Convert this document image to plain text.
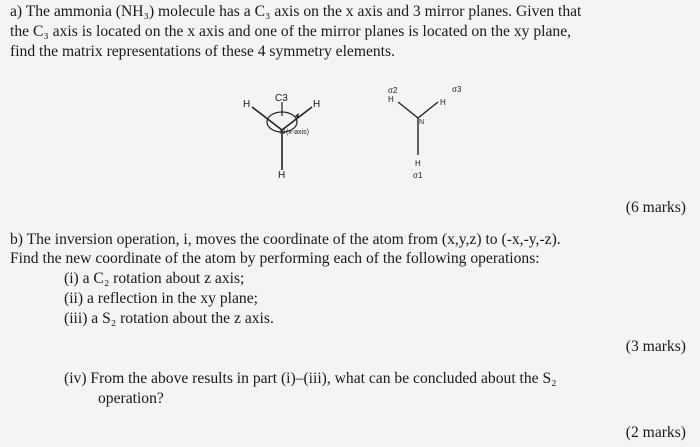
a) The ammonia (NH₃) molecule has a C₃ axis on the x axis and 3 mirror planes. Given that
the C₃ axis is located on the x axis and one of the mirror planes is located on the xy plane,
find the matrix representations of these 4 symmetry elements.
H	H
H
C3
N (x-axis)
H	H
H
N
σ2	σ3
σ1
(6 marks)
b) The inversion operation, i, moves the coordinate of the atom from (x,y,z) to (-x,-y,-z).
Find the new coordinate of the atom by performing each of the following operations:
(i) a C₂ rotation about z axis;
(ii) a reflection in the xy plane;
(iii) a S₂ rotation about the z axis.
(3 marks)
(iv) From the above results in part (i)–(iii), what can be concluded about the S₂
operation?
(2 marks)
